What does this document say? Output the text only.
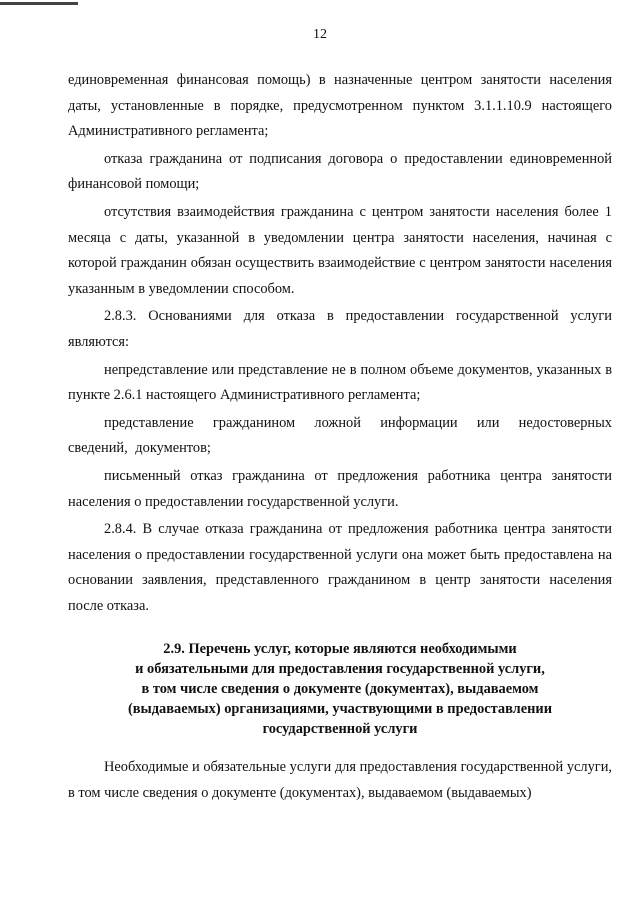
12

единовременная финансовая помощь) в назначенные центром занятости населения даты, установленные в порядке, предусмотренном пунктом 3.1.1.10.9 настоящего Административного регламента;

отказа гражданина от подписания договора о предоставлении единовременной финансовой помощи;

отсутствия взаимодействия гражданина с центром занятости населения более 1 месяца с даты, указанной в уведомлении центра занятости населения, начиная с которой гражданин обязан осуществить взаимодействие с центром занятости населения указанным в уведомлении способом.

2.8.3. Основаниями для отказа в предоставлении государственной услуги являются:

непредставление или представление не в полном объеме документов, указанных в пункте 2.6.1 настоящего Административного регламента;

представление гражданином ложной информации или недостоверных сведений, документов;

письменный отказ гражданина от предложения работника центра занятости населения о предоставлении государственной услуги.

2.8.4. В случае отказа гражданина от предложения работника центра занятости населения о предоставлении государственной услуги она может быть предоставлена на основании заявления, представленного гражданином в центр занятости населения после отказа.

2.9. Перечень услуг, которые являются необходимыми
и обязательными для предоставления государственной услуги,
в том числе сведения о документе (документах), выдаваемом
(выдаваемых) организациями, участвующими в предоставлении
государственной услуги

Необходимые и обязательные услуги для предоставления государственной услуги, в том числе сведения о документе (документах), выдаваемом (выдаваемых)
